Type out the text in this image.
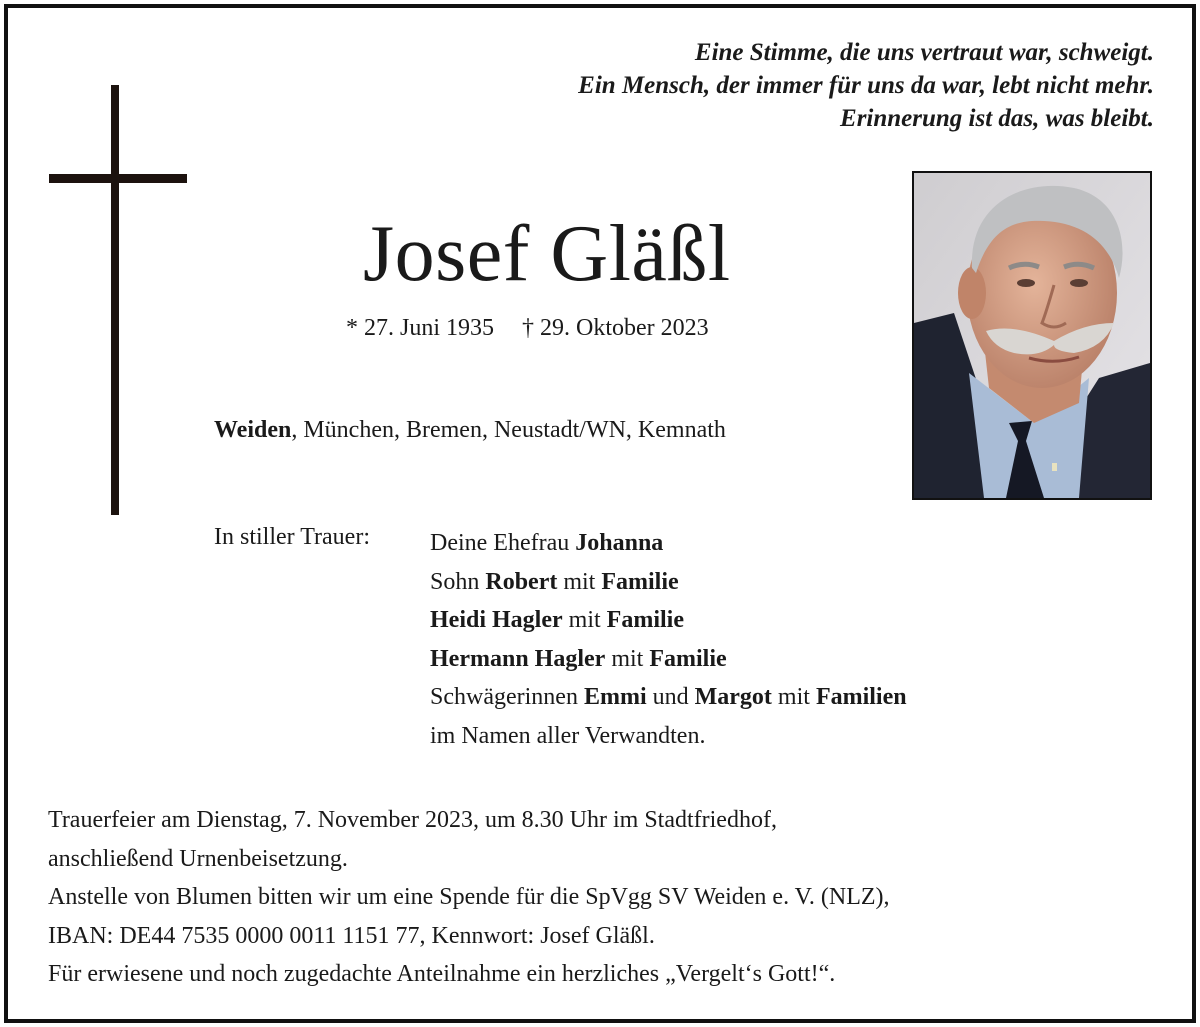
Eine Stimme, die uns vertraut war, schweigt.
Ein Mensch, der immer für uns da war, lebt nicht mehr.
Erinnerung ist das, was bleibt.
Josef Gläßl
* 27. Juni 1935 † 29. Oktober 2023
Weiden, München, Bremen, Neustadt/WN, Kemnath
In stiller Trauer:	Deine Ehefrau Johanna
Sohn Robert mit Familie
Heidi Hagler mit Familie
Hermann Hagler mit Familie
Schwägerinnen Emmi und Margot mit Familien
im Namen aller Verwandten.
Trauerfeier am Dienstag, 7. November 2023, um 8.30 Uhr im Stadtfriedhof,
anschließend Urnenbeisetzung.
Anstelle von Blumen bitten wir um eine Spende für die SpVgg SV Weiden e. V. (NLZ),
IBAN: DE44 7535 0000 0011 1151 77, Kennwort: Josef Gläßl.
Für erwiesene und noch zugedachte Anteilnahme ein herzliches „Vergelt‘s Gott!“.
